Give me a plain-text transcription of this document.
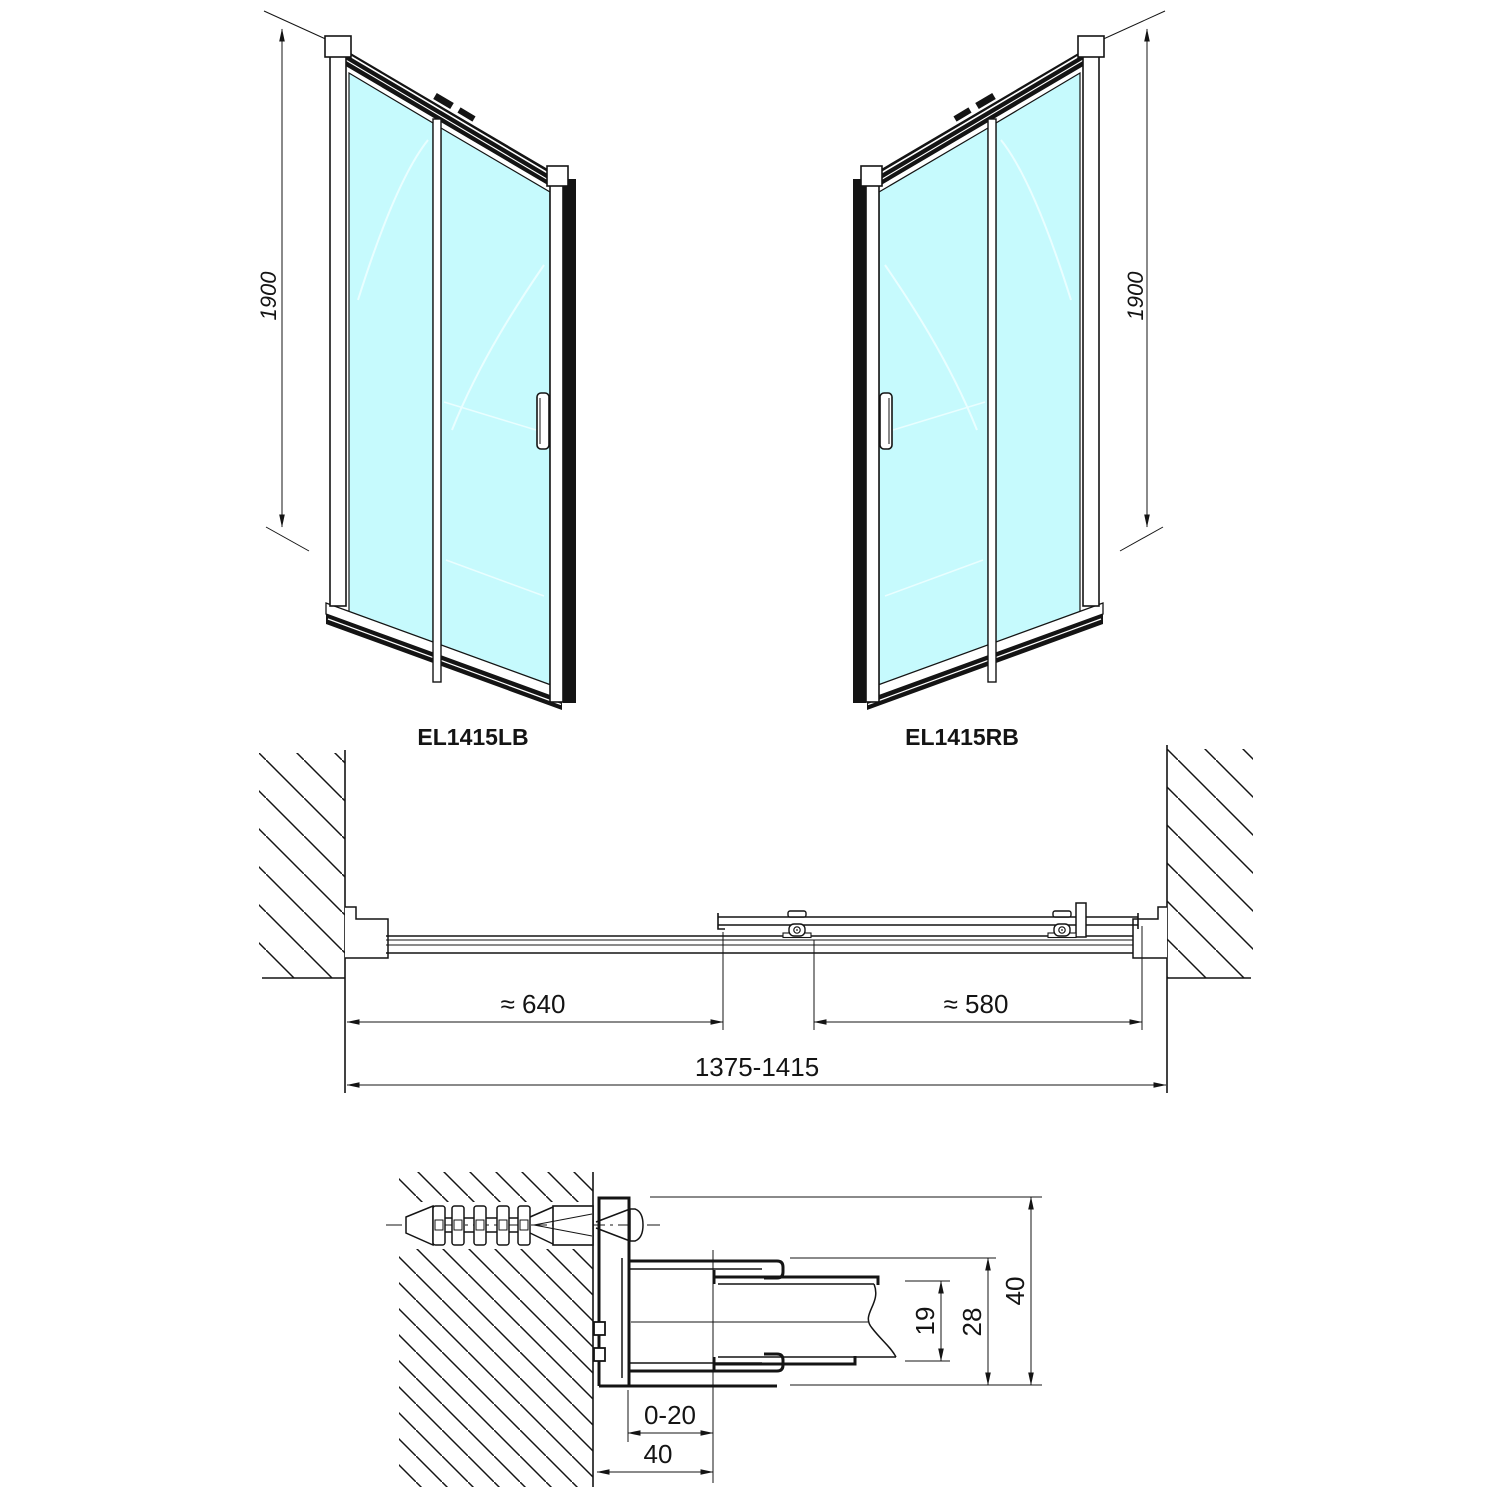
1900
EL1415LB
1900
EL1415RB
≈ 640	≈ 580
1375-1415
19 28
40
0-20
40
